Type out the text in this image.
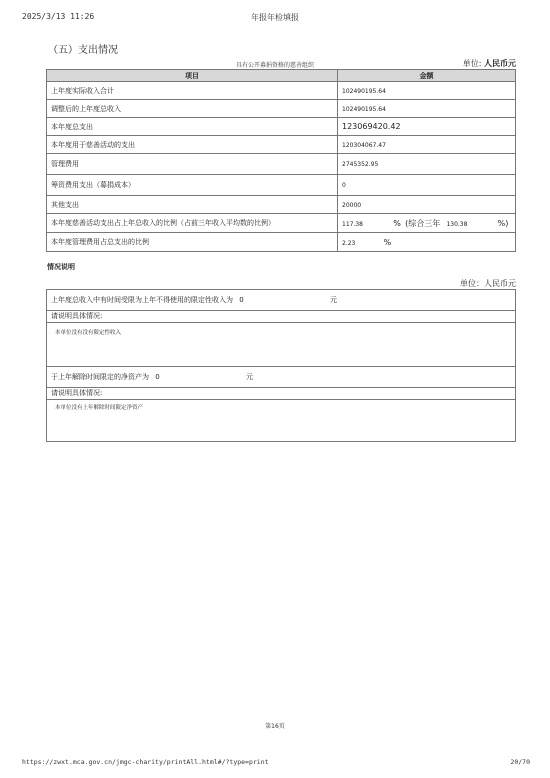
2025/3/13 11:26	年报年检填报
（五）支出情况
具有公开募捐资格的慈善组织	单位: 人民币元
项目	金额
上年度实际收入合计	102490195.64
调整后的上年度总收入	102490195.64
本年度总支出	123069420.42
本年度用于慈善活动的支出	120304067.47
管理费用	2745352.95
筹资费用支出（募捐成本）	0
其他支出	20000
本年度慈善活动支出占上年总收入的比例（占前三年收入平均数的比例）	117.38 % (综合三年 130.38 %)
本年度管理费用占总支出的比例	2.23 %
情况说明
单位：人民币元
上年度总收入中有时间受限为上年不得使用的限定性收入为 0	元
请说明具体情况:
本单位没有没有限定性收入
于上年解除时间限定的净资产为 0	元
请说明具体情况:
本单位没有上年解除时间限定净资产
第16页
https://zwxt.mca.gov.cn/jmgc-charity/printAll.html#/?type=print	20/70
